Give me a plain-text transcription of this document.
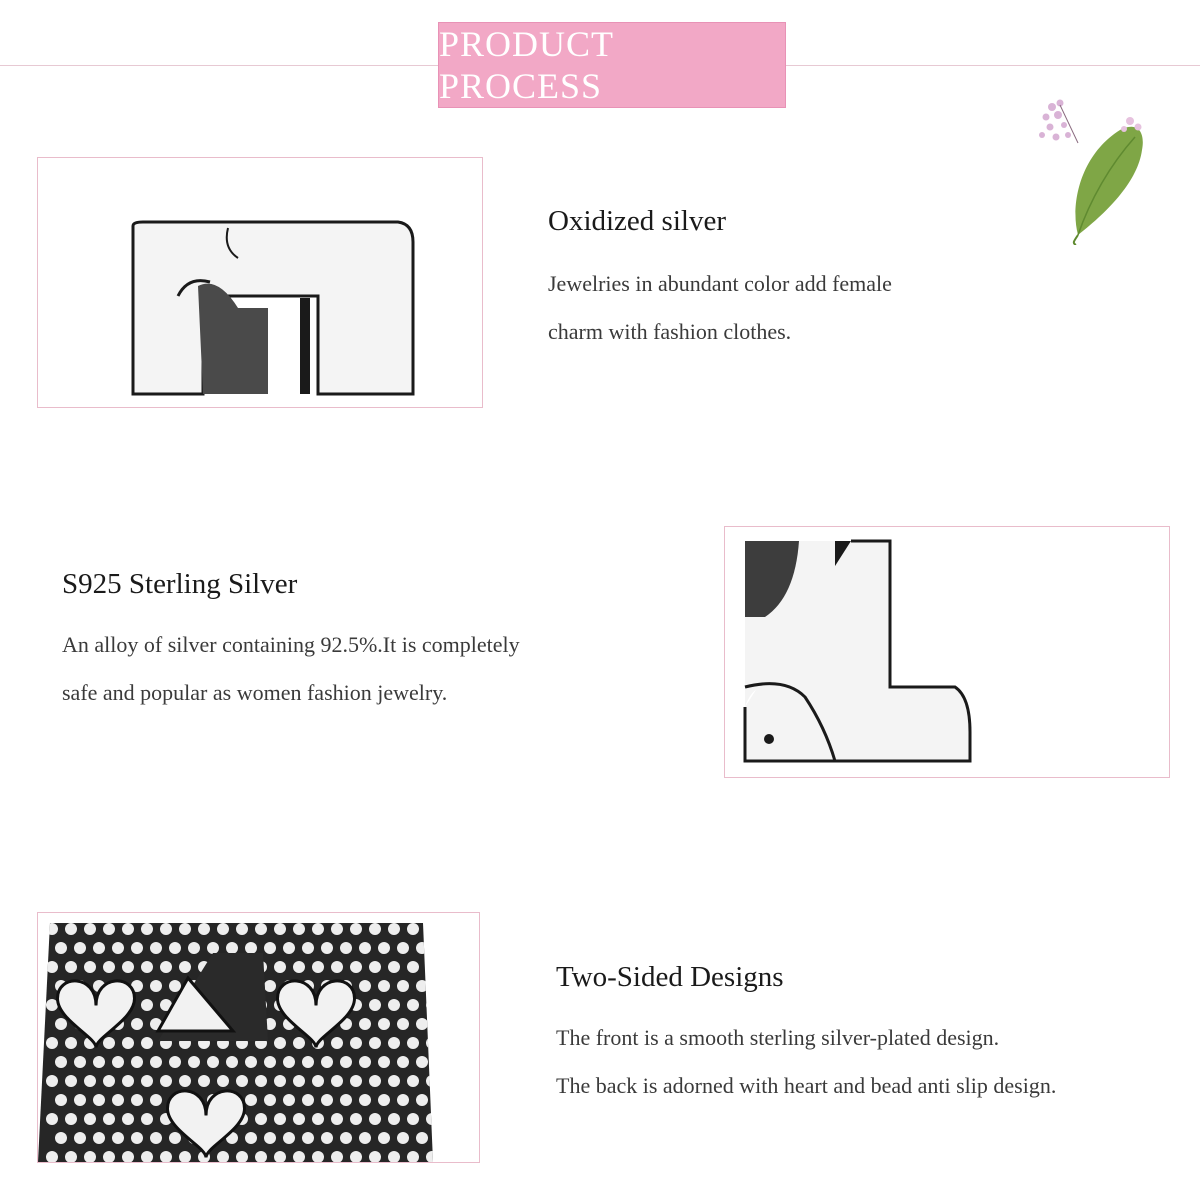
PRODUCT PROCESS
Oxidized silver
Jewelries in abundant color add female
charm with fashion clothes.
S925 Sterling Silver
An alloy of silver containing 92.5%.It is completely
safe and popular as women fashion jewelry.
Two-Sided Designs
The front is a smooth sterling silver-plated design.
The back is adorned with heart and bead anti slip design.
